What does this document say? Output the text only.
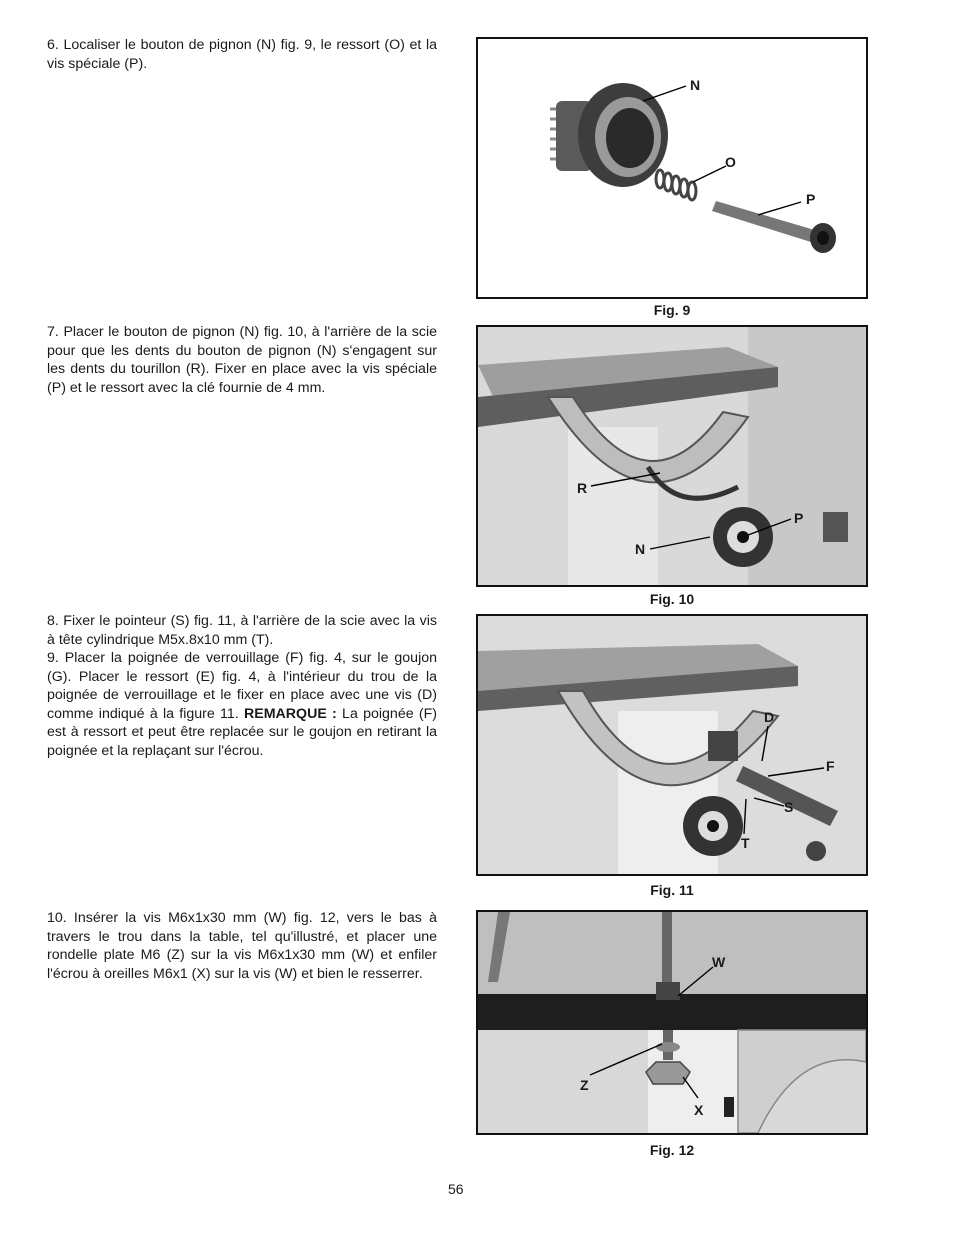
6. Localiser le bouton de pignon (N) fig. 9, le ressort (O) et la vis spéciale (P).

7. Placer le bouton de pignon (N) fig. 10, à l'arrière de la scie pour que les dents du bouton de pignon (N) s'engagent sur les dents du tourillon (R). Fixer en place avec la vis spéciale (P) et le ressort avec la clé fournie de 4 mm.

8. Fixer le pointeur (S) fig. 11, à l'arrière de la scie avec la vis à tête cylindrique M5x.8x10 mm (T).

9. Placer la poignée de verrouillage (F) fig. 4, sur le goujon (G). Placer le ressort (E) fig. 4, à l'intérieur du trou de la poignée de verrouillage et le fixer en place avec une vis (D) comme indiqué à la figure 11. REMARQUE : La poignée (F) est à ressort et peut être replacée sur le goujon en retirant la poignée et la replaçant sur l'écrou.

10. Insérer la vis M6x1x30 mm (W) fig. 12, vers le bas à travers le trou dans la table, tel qu'illustré, et placer une rondelle plate M6 (Z) sur la vis M6x1x30 mm (W) et enfiler l'écrou à oreilles M6x1 (X) sur la vis (W) et bien le resserrer.

N
O
P
Fig. 9
R
P
N
Fig. 10
D
F
S
T
Fig. 11
W
Z
X
Fig. 12
56
